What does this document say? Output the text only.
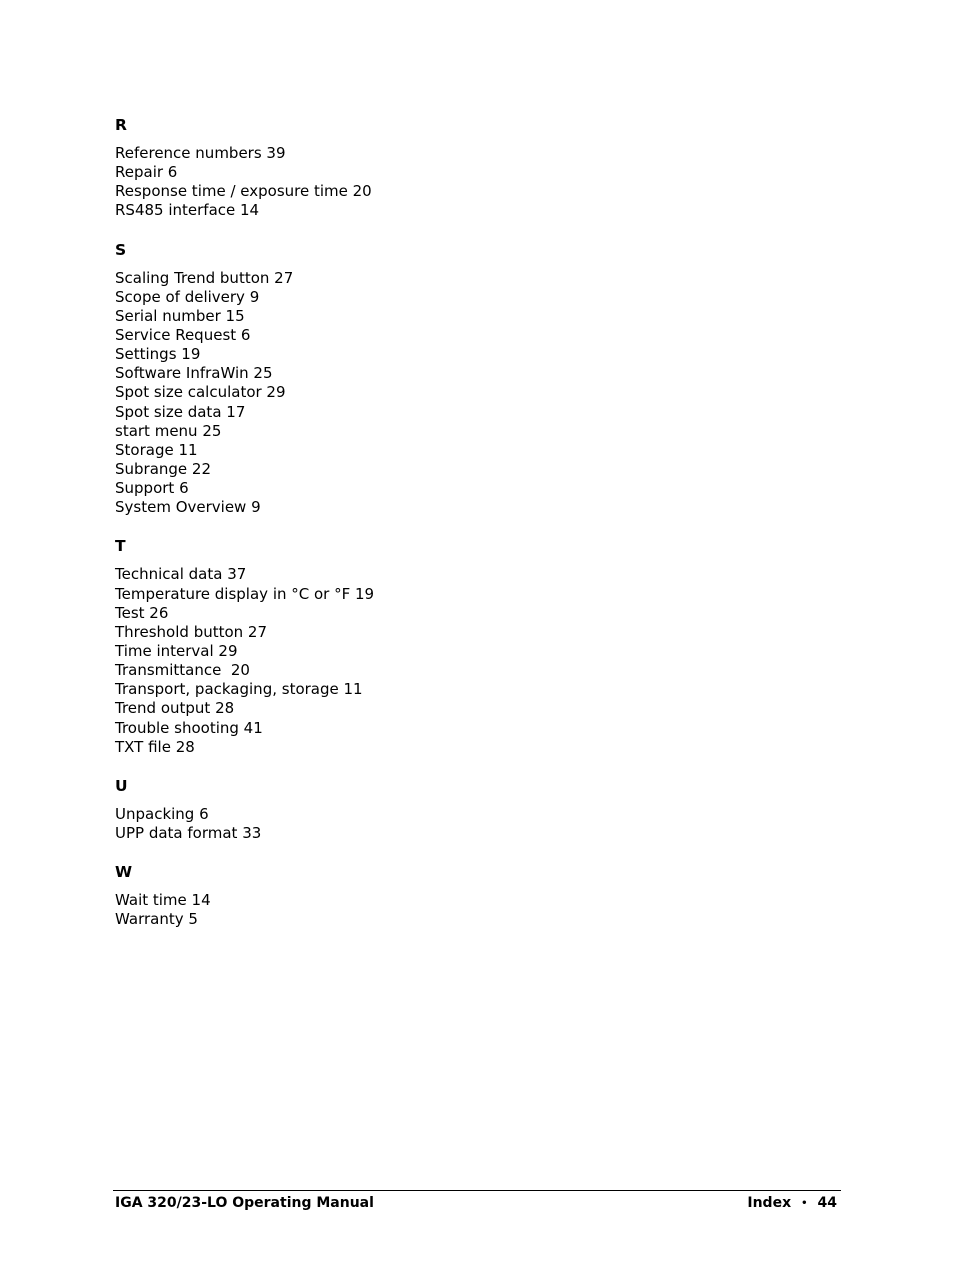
R
Reference numbers 39
Repair 6
Response time / exposure time 20
RS485 interface 14
S
Scaling Trend button 27
Scope of delivery 9
Serial number 15
Service Request 6
Settings 19
Software InfraWin 25
Spot size calculator 29
Spot size data 17
start menu 25
Storage 11
Subrange 22
Support 6
System Overview 9
T
Technical data 37
Temperature display in °C or °F 19
Test 26
Threshold button 27
Time interval 29
Transmittance  20
Transport, packaging, storage 11
Trend output 28
Trouble shooting 41
TXT file 28
U
Unpacking 6
UPP data format 33
W
Wait time 14
Warranty 5
IGA 320/23-LO Operating Manual	Index • 44
